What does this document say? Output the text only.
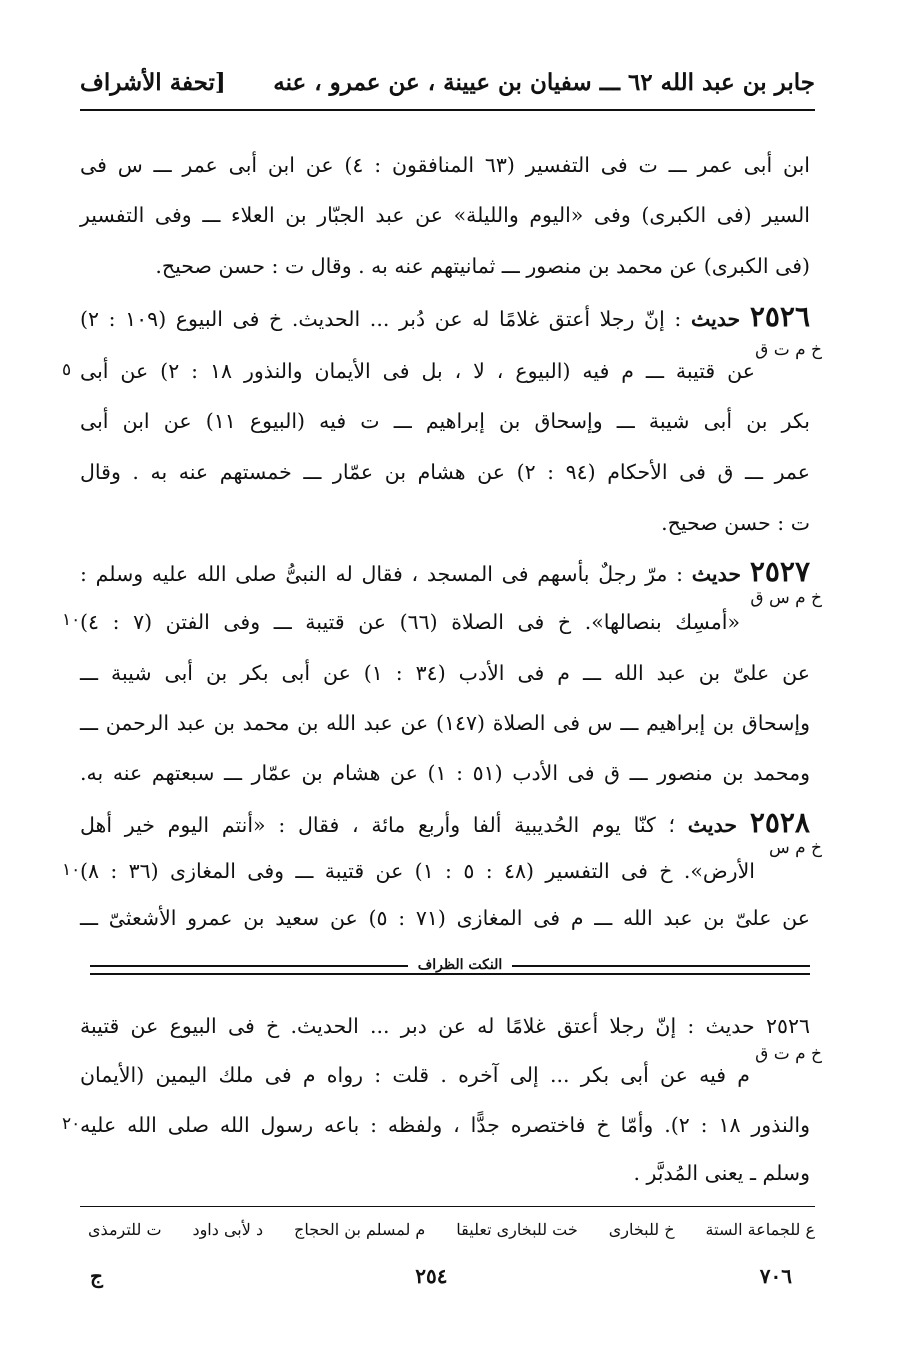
جابر بن عبد الله ٦٢ ـــ سفيان بن عيينة ، عن عمرو ، عنه
[تحفة الأشراف
ابن أبى عمر ـــ ت فى التفسير (٦٣ المنافقون : ٤) عن ابن أبى عمر ـــ س فى
السير (فى الكبرى) وفى «اليوم والليلة» عن عبد الجبّار بن العلاء ـــ وفى التفسير
(فى الكبرى) عن محمد بن منصور ـــ ثمانيتهم عنه به . وقال ت : حسن صحيح.
٢٥٢٦ حديث : إنّ رجلا أعتق غلامًا له عن دُبر ... الحديث. خ فى البيوع (١٠٩ : ٢)
خ م ت ق
عن قتيبة ـــ م فيه (البيوع ، لا ، بل فى الأيمان والنذور ١٨ : ٢) عن أبى
٥
بكر بن أبى شيبة ـــ وإسحاق بن إبراهيم ـــ ت فيه (البيوع ١١) عن ابن أبى
عمر ـــ ق فى الأحكام (٩٤ : ٢) عن هشام بن عمّار ـــ خمستهم عنه به . وقال
ت : حسن صحيح.
٢٥٢٧ حديث : مرّ رجلٌ بأسهم فى المسجد ، فقال له النبىُّ صلى الله عليه وسلم :
خ م س ق
«أمسِك بنصالها». خ فى الصلاة (٦٦) عن قتيبة ـــ وفى الفتن (٧ : ٤)
١٠
عن علىّ بن عبد الله ـــ م فى الأدب (٣٤ : ١) عن أبى بكر بن أبى شيبة ـــ
وإسحاق بن إبراهيم ـــ س فى الصلاة (١٤٧) عن عبد الله بن محمد بن عبد الرحمن ـــ
ومحمد بن منصور ـــ ق فى الأدب (٥١ : ١) عن هشام بن عمّار ـــ سبعتهم عنه به.
٢٥٢٨ حديث ؛ كنّا يوم الحُديبية ألفا وأربع مائة ، فقال : «أنتم اليوم خير أهل
خ م س
الأرض». خ فى التفسير (٤٨ : ٥ : ١) عن قتيبة ـــ وفى المغازى (٣٦ : ٨)
١٠
عن علىّ بن عبد الله ـــ م فى المغازى (٧١ : ٥) عن سعيد بن عمرو الأشعثىّ ـــ
النكت الظراف
٢٥٢٦ حديث : إنّ رجلا أعتق غلامًا له عن دبر ... الحديث. خ فى البيوع عن قتيبة
خ م ت ق
م فيه عن أبى بكر ... إلى آخره . قلت : رواه م فى ملك اليمين (الأيمان
والنذور ١٨ : ٢). وأمّا خ فاختصره جدًّا ، ولفظه : باعه رسول الله صلى الله عليه
٢٠
وسلم ـ يعنى المُدبَّر .
ع للجماعة الستة
خ للبخارى
خت للبخارى تعليقا
م لمسلم بن الحجاج
د لأبى داود
ت للترمذى
٧٠٦
٢٥٤
ج
